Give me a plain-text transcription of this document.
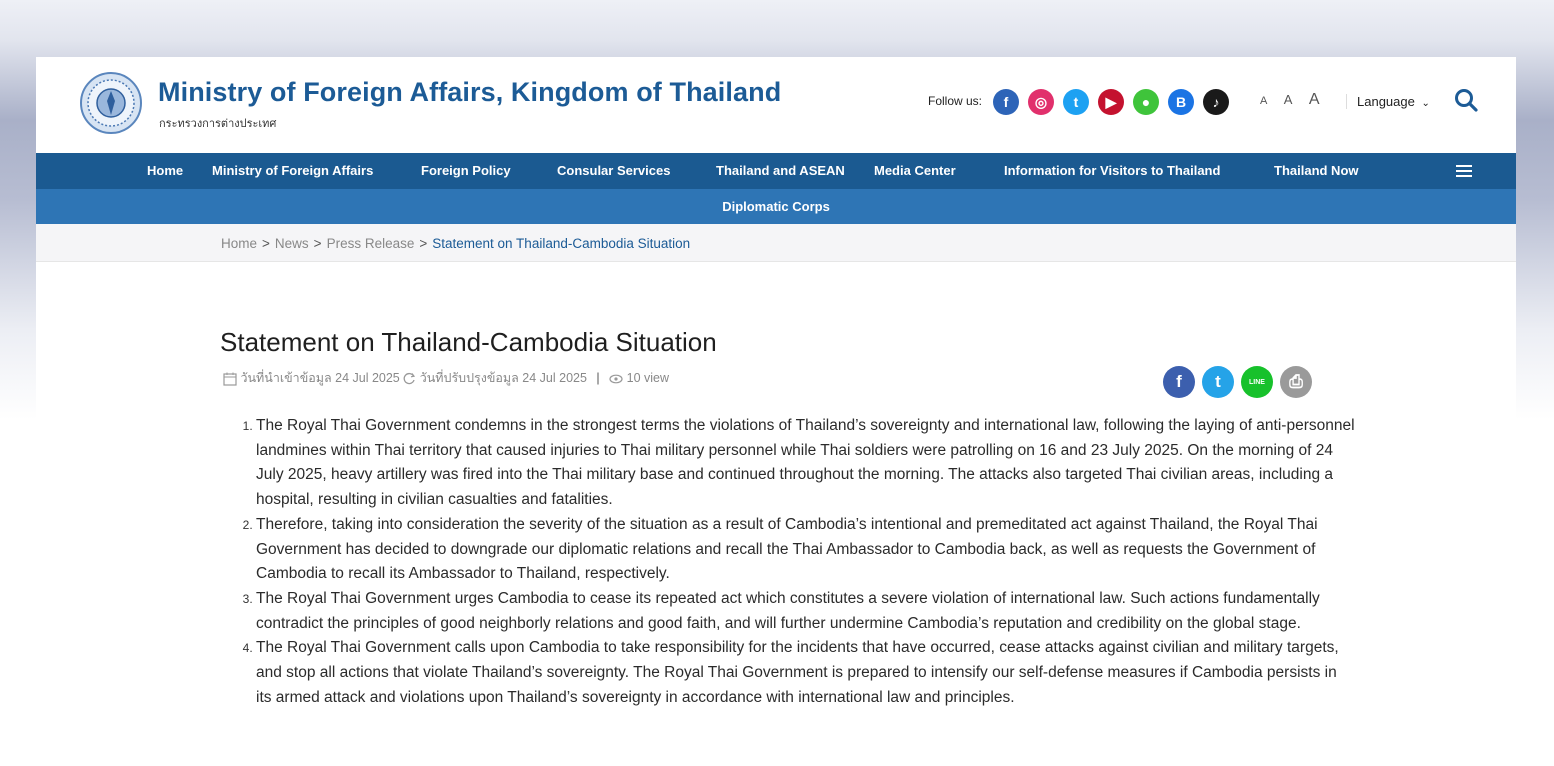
Ministry of Foreign Affairs, Kingdom of Thailand
กระทรวงการต่างประเทศ
Follow us: f ◎ t ▶ ● B ♪	A A A	Language ⌄
Home Ministry of Foreign Affairs	Foreign Policy	Consular Services	Thailand and ASEAN Media Center	Information for Visitors to Thailand	Thailand Now
Diplomatic Corps
Home > News > Press Release > Statement on Thailand-Cambodia Situation
Statement on Thailand-Cambodia Situation
วันที่นำเข้าข้อมูล 24 Jul 2025 วันที่ปรับปรุงข้อมูล 24 Jul 2025 | 10 view	f t	LINE ⎙
1. The Royal Thai Government condemns in the strongest terms the violations of Thailand’s sovereignty and international law, following the laying of anti-personnel landmines within Thai territory that caused injuries to Thai military personnel while Thai soldiers were patrolling on 16 and 23 July 2025. On the morning of 24 July 2025, heavy artillery was fired into the Thai military base and continued throughout the morning. The attacks also targeted Thai civilian areas, including a hospital, resulting in civilian casualties and fatalities.
2. Therefore, taking into consideration the severity of the situation as a result of Cambodia’s intentional and premeditated act against Thailand, the Royal Thai Government has decided to downgrade our diplomatic relations and recall the Thai Ambassador to Cambodia back, as well as requests the Government of Cambodia to recall its Ambassador to Thailand, respectively.
3. The Royal Thai Government urges Cambodia to cease its repeated act which constitutes a severe violation of international law. Such actions fundamentally contradict the principles of good neighborly relations and good faith, and will further undermine Cambodia’s reputation and credibility on the global stage.
4. The Royal Thai Government calls upon Cambodia to take responsibility for the incidents that have occurred, cease attacks against civilian and military targets, and stop all actions that violate Thailand’s sovereignty. The Royal Thai Government is prepared to intensify our self-defense measures if Cambodia persists in its armed attack and violations upon Thailand’s sovereignty in accordance with international law and principles.
